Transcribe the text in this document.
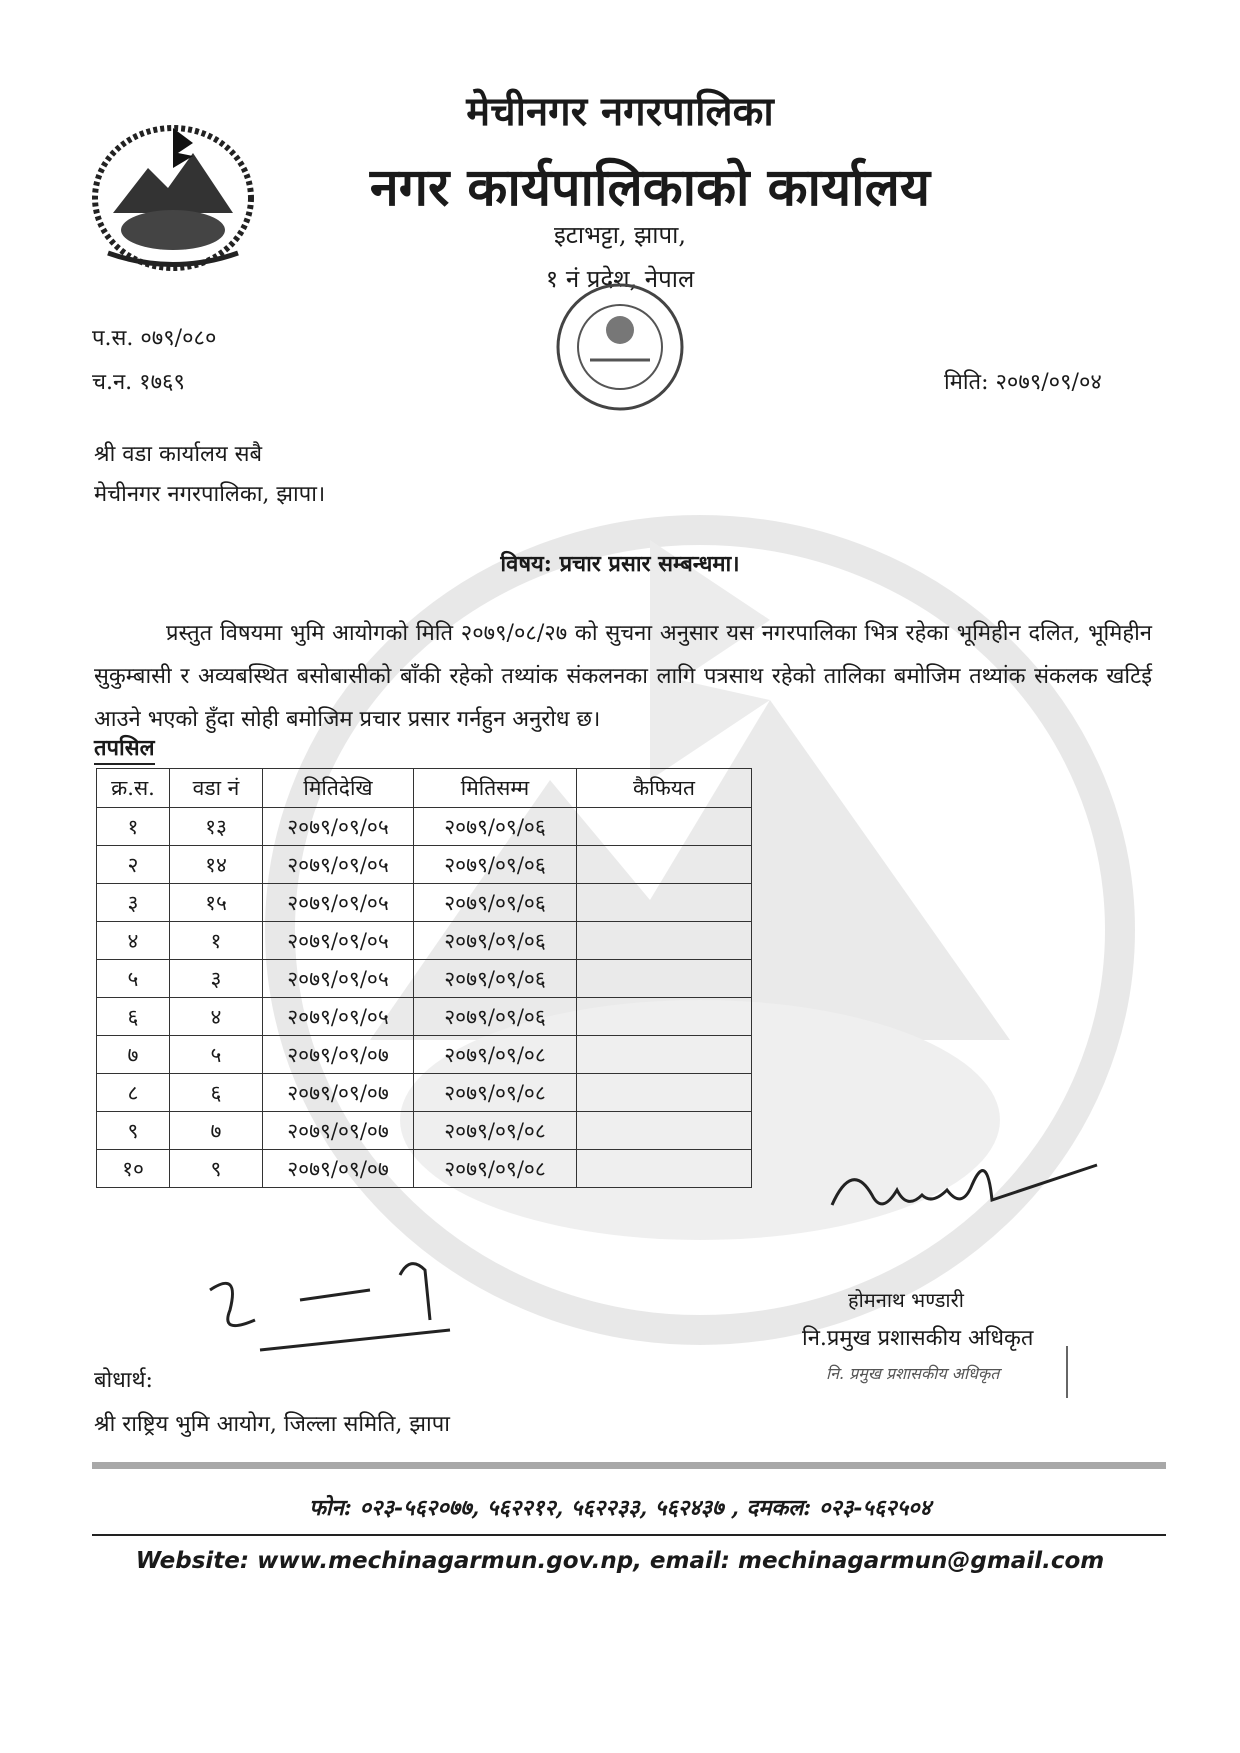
मेचीनगर नगरपालिका
नगर कार्यपालिकाको कार्यालय
इटाभट्टा, झापा,
१ नं प्रदेश, नेपाल
प.स. ०७९/०८०
च.न. १७६९	मिति: २०७९/०९/०४
श्री वडा कार्यालय सबै
मेचीनगर नगरपालिका, झापा।
विषय: प्रचार प्रसार सम्बन्धमा।
प्रस्तुत विषयमा भुमि आयोगको मिति २०७९/०८/२७ को सुचना अनुसार यस नगरपालिका भित्र रहेका भूमिहीन दलित, भूमिहीन सुकुम्बासी र अव्यबस्थित बसोबासीको बाँकी रहेको तथ्यांक संकलनका लागि पत्रसाथ रहेको तालिका बमोजिम तथ्यांक संकलक खटिई आउने भएको हुँदा सोही बमोजिम प्रचार प्रसार गर्नहुन अनुरोध छ।
तपसिल
क्र.स.	वडा नं	मितिदेखि	मितिसम्म	कैफियत
१	१३	२०७९/०९/०५	२०७९/०९/०६	
२	१४	२०७९/०९/०५	२०७९/०९/०६	
३	१५	२०७९/०९/०५	२०७९/०९/०६	
४	१	२०७९/०९/०५	२०७९/०९/०६	
५	३	२०७९/०९/०५	२०७९/०९/०६	
६	४	२०७९/०९/०५	२०७९/०९/०६	
७	५	२०७९/०९/०७	२०७९/०९/०८	
८	६	२०७९/०९/०७	२०७९/०९/०८	
९	७	२०७९/०९/०७	२०७९/०९/०८	
१०	९	२०७९/०९/०७	२०७९/०९/०८	
होमनाथ भण्डारी
नि.प्रमुख प्रशासकीय अधिकृत
नि. प्रमुख प्रशासकीय अधिकृत
बोधार्थ:
श्री राष्ट्रिय भुमि आयोग, जिल्ला समिति, झापा
फोन: ०२३-५६२०७७, ५६२२१२, ५६२२३३, ५६२४३७ , दमकल: ०२३-५६२५०४
Website: www.mechinagarmun.gov.np, email: mechinagarmun@gmail.com
